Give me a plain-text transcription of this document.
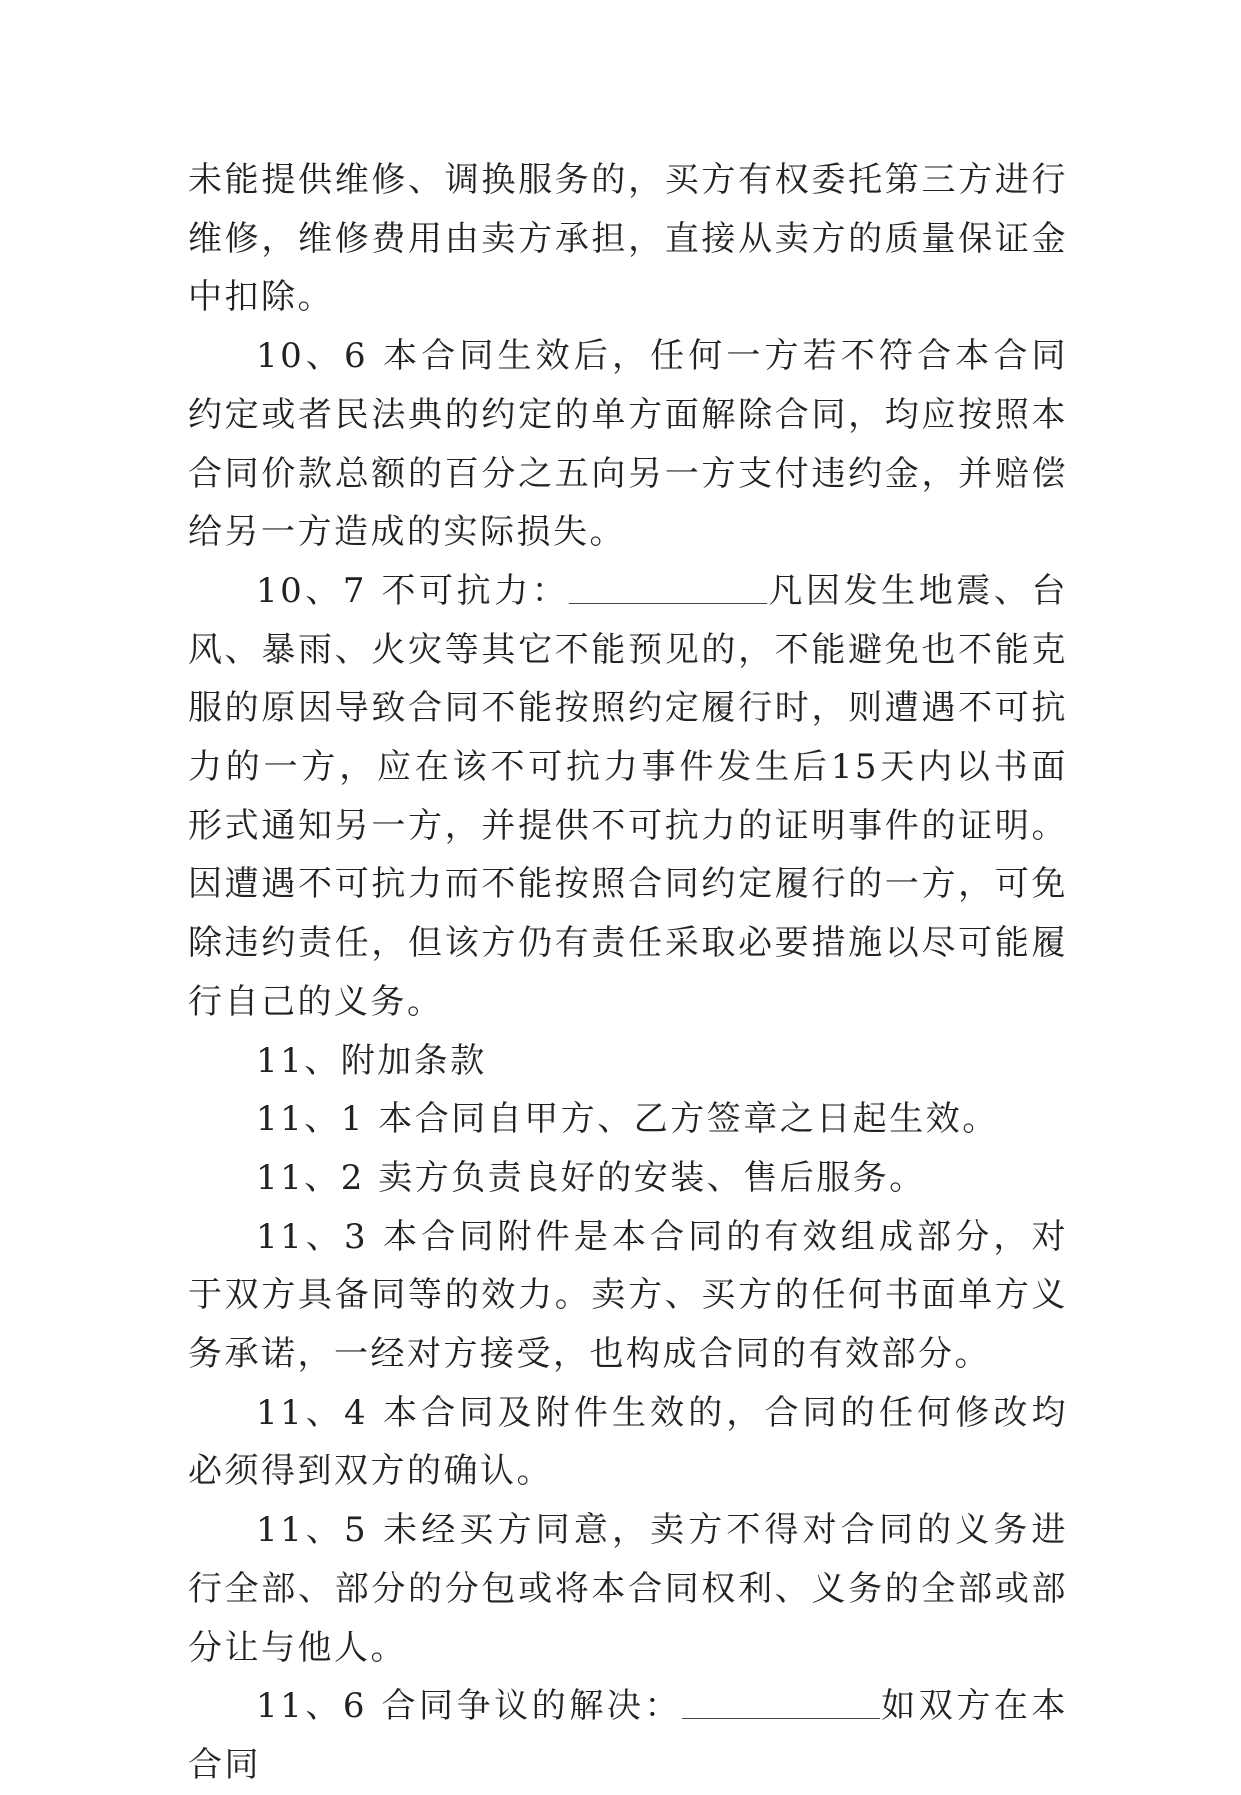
未能提供维修、调换服务的，买方有权委托第三方进行维修，维修费用由卖方承担，直接从卖方的质量保证金中扣除。

10、6 本合同生效后，任何一方若不符合本合同约定或者民法典的约定的单方面解除合同，均应按照本合同价款总额的百分之五向另一方支付违约金，并赔偿给另一方造成的实际损失。

10、7 不可抗力：	凡因发生地震、台风、暴雨、火灾等其它不能预见的，不能避免也不能克服的原因导致合同不能按照约定履行时，则遭遇不可抗力的一方，应在该不可抗力事件发生后15天内以书面形式通知另一方，并提供不可抗力的证明事件的证明。因遭遇不可抗力而不能按照合同约定履行的一方，可免除违约责任，但该方仍有责任采取必要措施以尽可能履行自己的义务。

11、附加条款

11、1 本合同自甲方、乙方签章之日起生效。

11、2 卖方负责良好的安装、售后服务。

11、3 本合同附件是本合同的有效组成部分，对于双方具备同等的效力。卖方、买方的任何书面单方义务承诺，一经对方接受，也构成合同的有效部分。

11、4 本合同及附件生效的，合同的任何修改均必须得到双方的确认。

11、5 未经买方同意，卖方不得对合同的义务进行全部、部分的分包或将本合同权利、义务的全部或部分让与他人。

11、6 合同争议的解决：	如双方在本合同
